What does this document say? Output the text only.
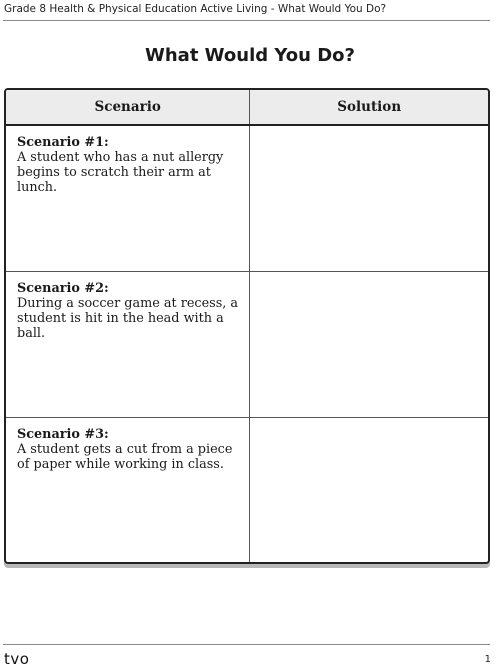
Grade 8 Health & Physical Education Active Living - What Would You Do?
What Would You Do?
Scenario	Solution

Scenario #1:
A student who has a nut allergy begins to scratch their arm at lunch.	

Scenario #2:
During a soccer game at recess, a student is hit in the head with a ball.	

Scenario #3:
A student gets a cut from a piece of paper while working in class.	

tvo	1
